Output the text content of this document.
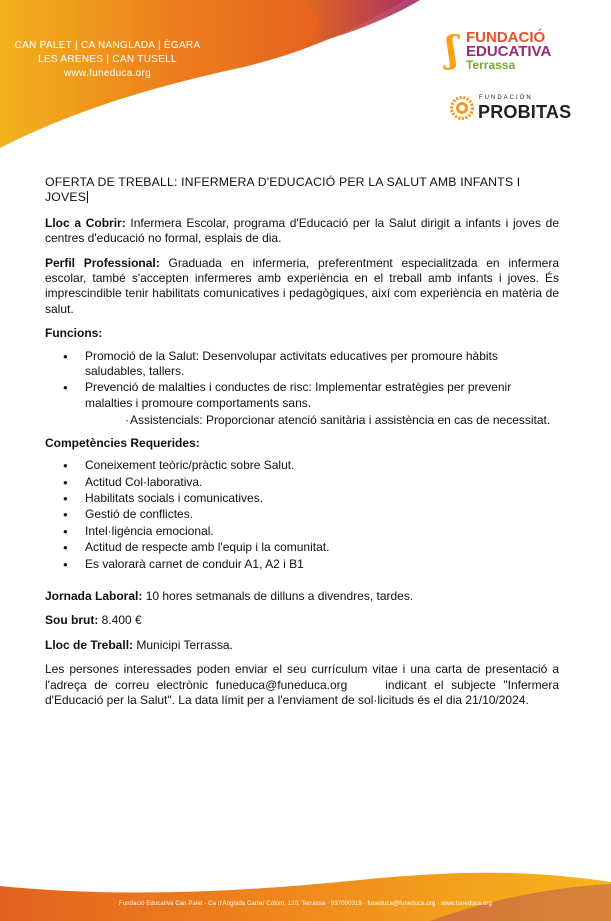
CAN PALET | CA NANGLADA | ÈGARA
LES ARENES | CAN TUSELL
www.funeduca.org
ʃ FUNDACIÓ
EDUCATIVA
Terrassa
FUNDACIÓN
PROBITAS

OFERTA DE TREBALL: INFERMERA D'EDUCACIÓ PER LA SALUT AMB INFANTS I JOVES

Lloc a Cobrir: Infermera Escolar, programa d'Educació per la Salut dirigit a infants i joves de centres d'educació no formal, esplais de dia.

Perfil Professional: Graduada en infermeria, preferentment especialitzada en infermera escolar, també s'accepten infermeres amb experiència en el treball amb infants i joves. És imprescindible tenir habilitats comunicatives i pedagògiques, així com experiència en matèria de salut.

Funcions:
● Promoció de la Salut: Desenvolupar activitats educatives per promoure hàbits saludables, tallers.
● Prevenció de malalties i conductes de risc: Implementar estratègies per prevenir malalties i promoure comportaments sans.
· Assistencials: Proporcionar atenció sanitària i assistència en cas de necessitat.
Competències Requerides:
● Coneixement teòric/pràctic sobre Salut.
● Actitud Col·laborativa.
● Habilitats socials i comunicatives.
● Gestió de conflictes.
● Intel·ligència emocional.
● Actitud de respecte amb l'equip i la comunitat.
● Es valorarà carnet de conduir A1, A2 i B1

Jornada Laboral: 10 hores setmanals de dilluns a divendres, tardes.

Sou brut: 8.400 €

Lloc de Treball: Municipi Terrassa.

Les persones interessades poden enviar el seu currículum vitae i una carta de presentació a l'adreça de correu electrònic funeduca@funeduca.org     indicant el subjecte "Infermera d'Educació per la Salut". La data límit per a l'enviament de sol·licituds és el dia 21/10/2024.

Fundació Educativa Can Palet - Ca n'Anglada Carrer Colom, 120. Terrassa · 937000319 · funeduca@funeduca.org · www.funeduca.org
